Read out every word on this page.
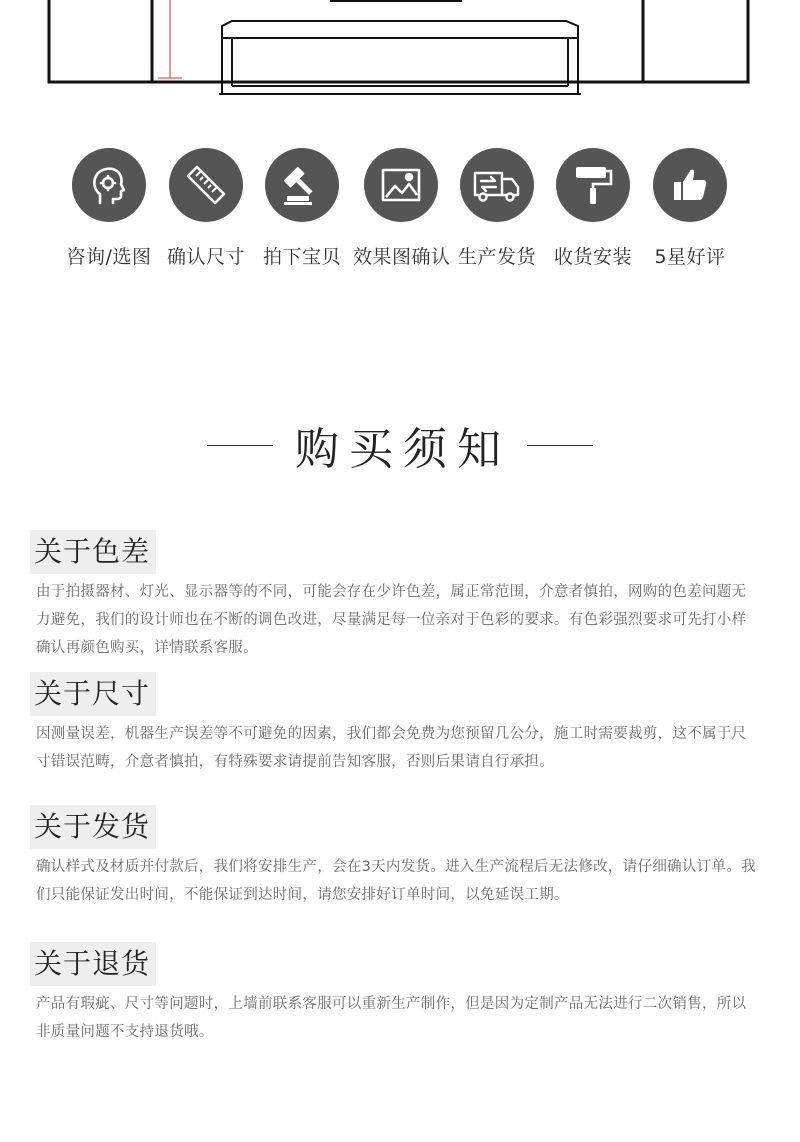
咨询/选图 确认尺寸 拍下宝贝 效果图确认 生产发货 收货安装	5星好评
购买须知
关于色差
由于拍摄器材、灯光、显示器等的不同，可能会存在少许色差，属正常范围，介意者慎拍，网购的色差问题无力避免，我们的设计师也在不断的调色改进，尽量满足每一位亲对于色彩的要求。有色彩强烈要求可先打小样确认再颜色购买，详情联系客服。
关于尺寸
因测量误差，机器生产误差等不可避免的因素，我们都会免费为您预留几公分，施工时需要裁剪，这不属于尺寸错误范畴，介意者慎拍，有特殊要求请提前告知客服，否则后果请自行承担。
关于发货
确认样式及材质并付款后，我们将安排生产，会在3天内发货。进入生产流程后无法修改，请仔细确认订单。我们只能保证发出时间，不能保证到达时间，请您安排好订单时间，以免延误工期。
关于退货
产品有瑕疵、尺寸等问题时，上墙前联系客服可以重新生产制作，但是因为定制产品无法进行二次销售，所以非质量问题不支持退货哦。
